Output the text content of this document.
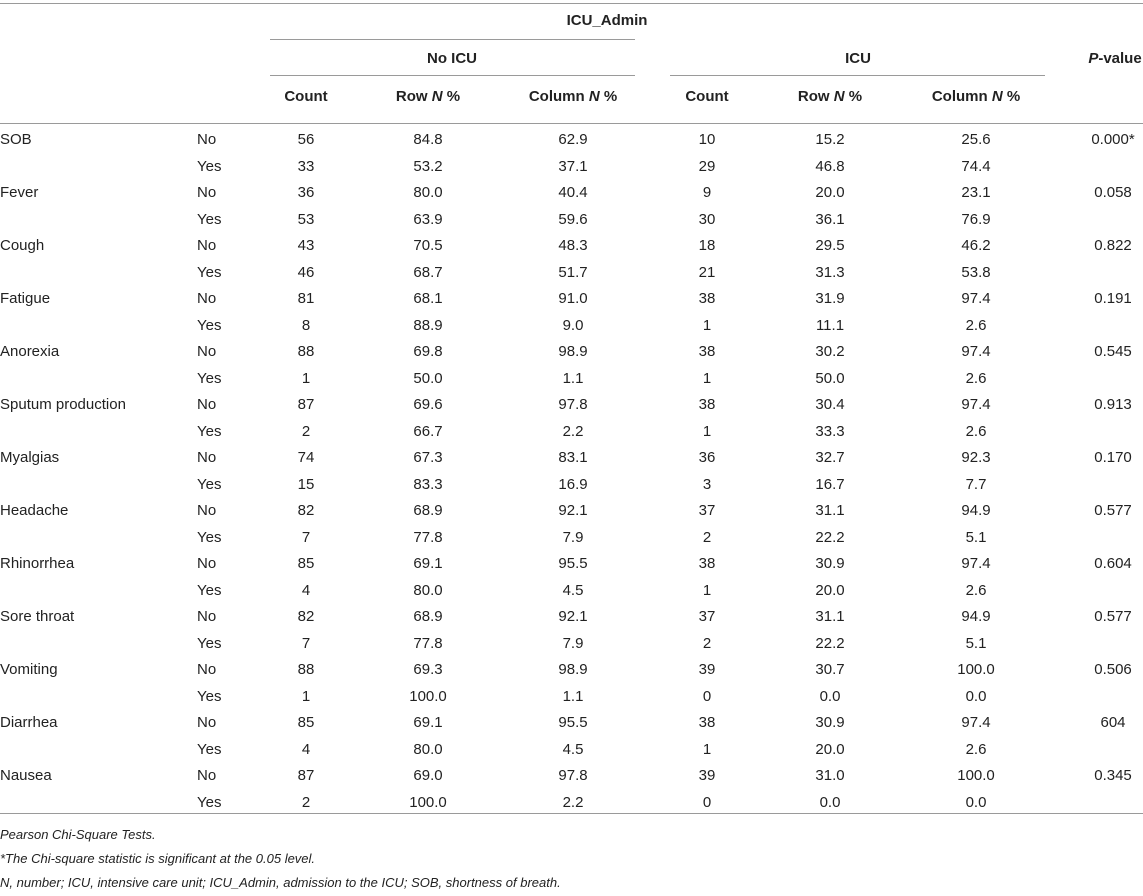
ICU_Admin
No ICU	ICU	P-value
Count	Row N %	Column N %	Count	Row N %	Column N %
SOB	No	56	84.8	62.9	10	15.2	25.6	0.000*
Yes	33	53.2	37.1	29	46.8	74.4
Fever	No	36	80.0	40.4	9	20.0	23.1	0.058
Yes	53	63.9	59.6	30	36.1	76.9
Cough	No	43	70.5	48.3	18	29.5	46.2	0.822
Yes	46	68.7	51.7	21	31.3	53.8
Fatigue	No	81	68.1	91.0	38	31.9	97.4	0.191
Yes	8	88.9	9.0	1	11.1	2.6
Anorexia	No	88	69.8	98.9	38	30.2	97.4	0.545
Yes	1	50.0	1.1	1	50.0	2.6
Sputum production	No	87	69.6	97.8	38	30.4	97.4	0.913
Yes	2	66.7	2.2	1	33.3	2.6
Myalgias	No	74	67.3	83.1	36	32.7	92.3	0.170
Yes	15	83.3	16.9	3	16.7	7.7
Headache	No	82	68.9	92.1	37	31.1	94.9	0.577
Yes	7	77.8	7.9	2	22.2	5.1
Rhinorrhea	No	85	69.1	95.5	38	30.9	97.4	0.604
Yes	4	80.0	4.5	1	20.0	2.6
Sore throat	No	82	68.9	92.1	37	31.1	94.9	0.577
Yes	7	77.8	7.9	2	22.2	5.1
Vomiting	No	88	69.3	98.9	39	30.7	100.0	0.506
Yes	1	100.0	1.1	0	0.0	0.0
Diarrhea	No	85	69.1	95.5	38	30.9	97.4	604
Yes	4	80.0	4.5	1	20.0	2.6
Nausea	No	87	69.0	97.8	39	31.0	100.0	0.345
Yes	2	100.0	2.2	0	0.0	0.0
Pearson Chi-Square Tests.
*The Chi-square statistic is significant at the 0.05 level.
N, number; ICU, intensive care unit; ICU_Admin, admission to the ICU; SOB, shortness of breath.
